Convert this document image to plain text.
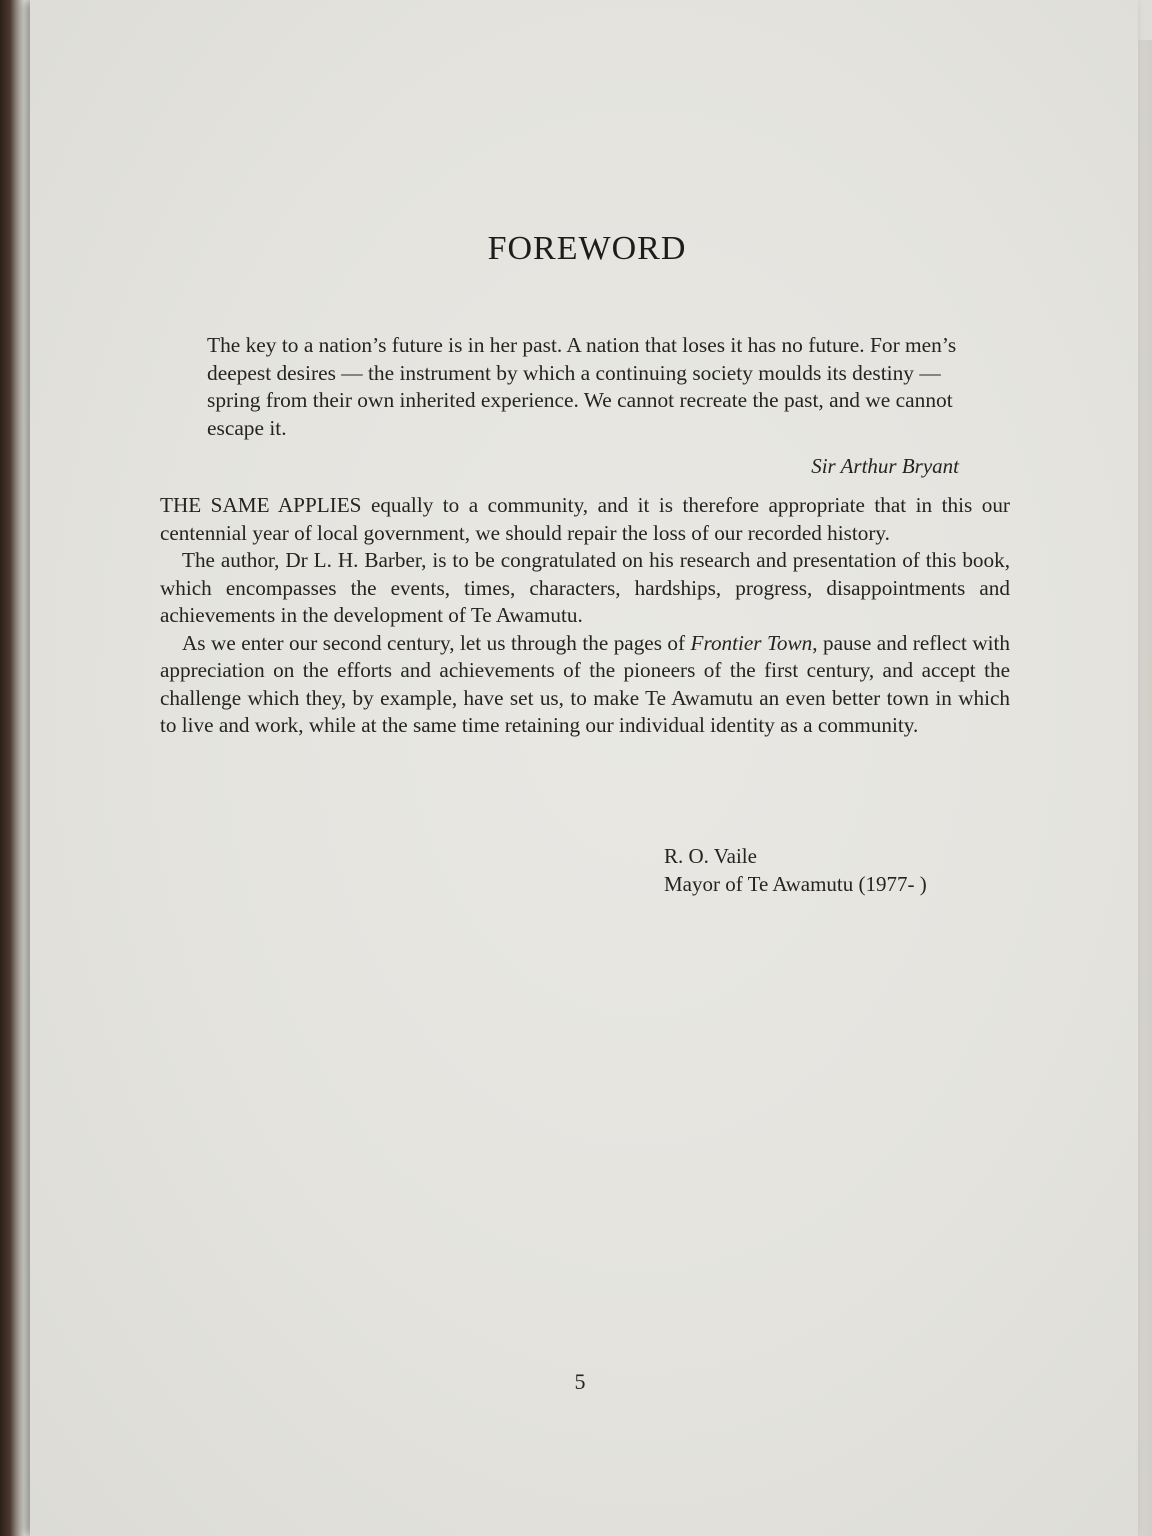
FOREWORD

The key to a nation’s future is in her past. A nation that loses it has no future. For men’s deepest desires — the instrument by which a continuing society moulds its destiny — spring from their own inherited experience. We cannot recreate the past, and we cannot escape it.

Sir Arthur Bryant

THE SAME APPLIES equally to a community, and it is therefore appropriate that in this our centennial year of local government, we should repair the loss of our recorded history.

The author, Dr L. H. Barber, is to be congratulated on his research and presentation of this book, which encompasses the events, times, characters, hardships, progress, disappointments and achievements in the development of Te Awamutu.

As we enter our second century, let us through the pages of Frontier Town, pause and reflect with appreciation on the efforts and achievements of the pioneers of the first century, and accept the challenge which they, by example, have set us, to make Te Awamutu an even better town in which to live and work, while at the same time retaining our individual identity as a community.

R. O. Vaile
Mayor of Te Awamutu (1977- )
5
